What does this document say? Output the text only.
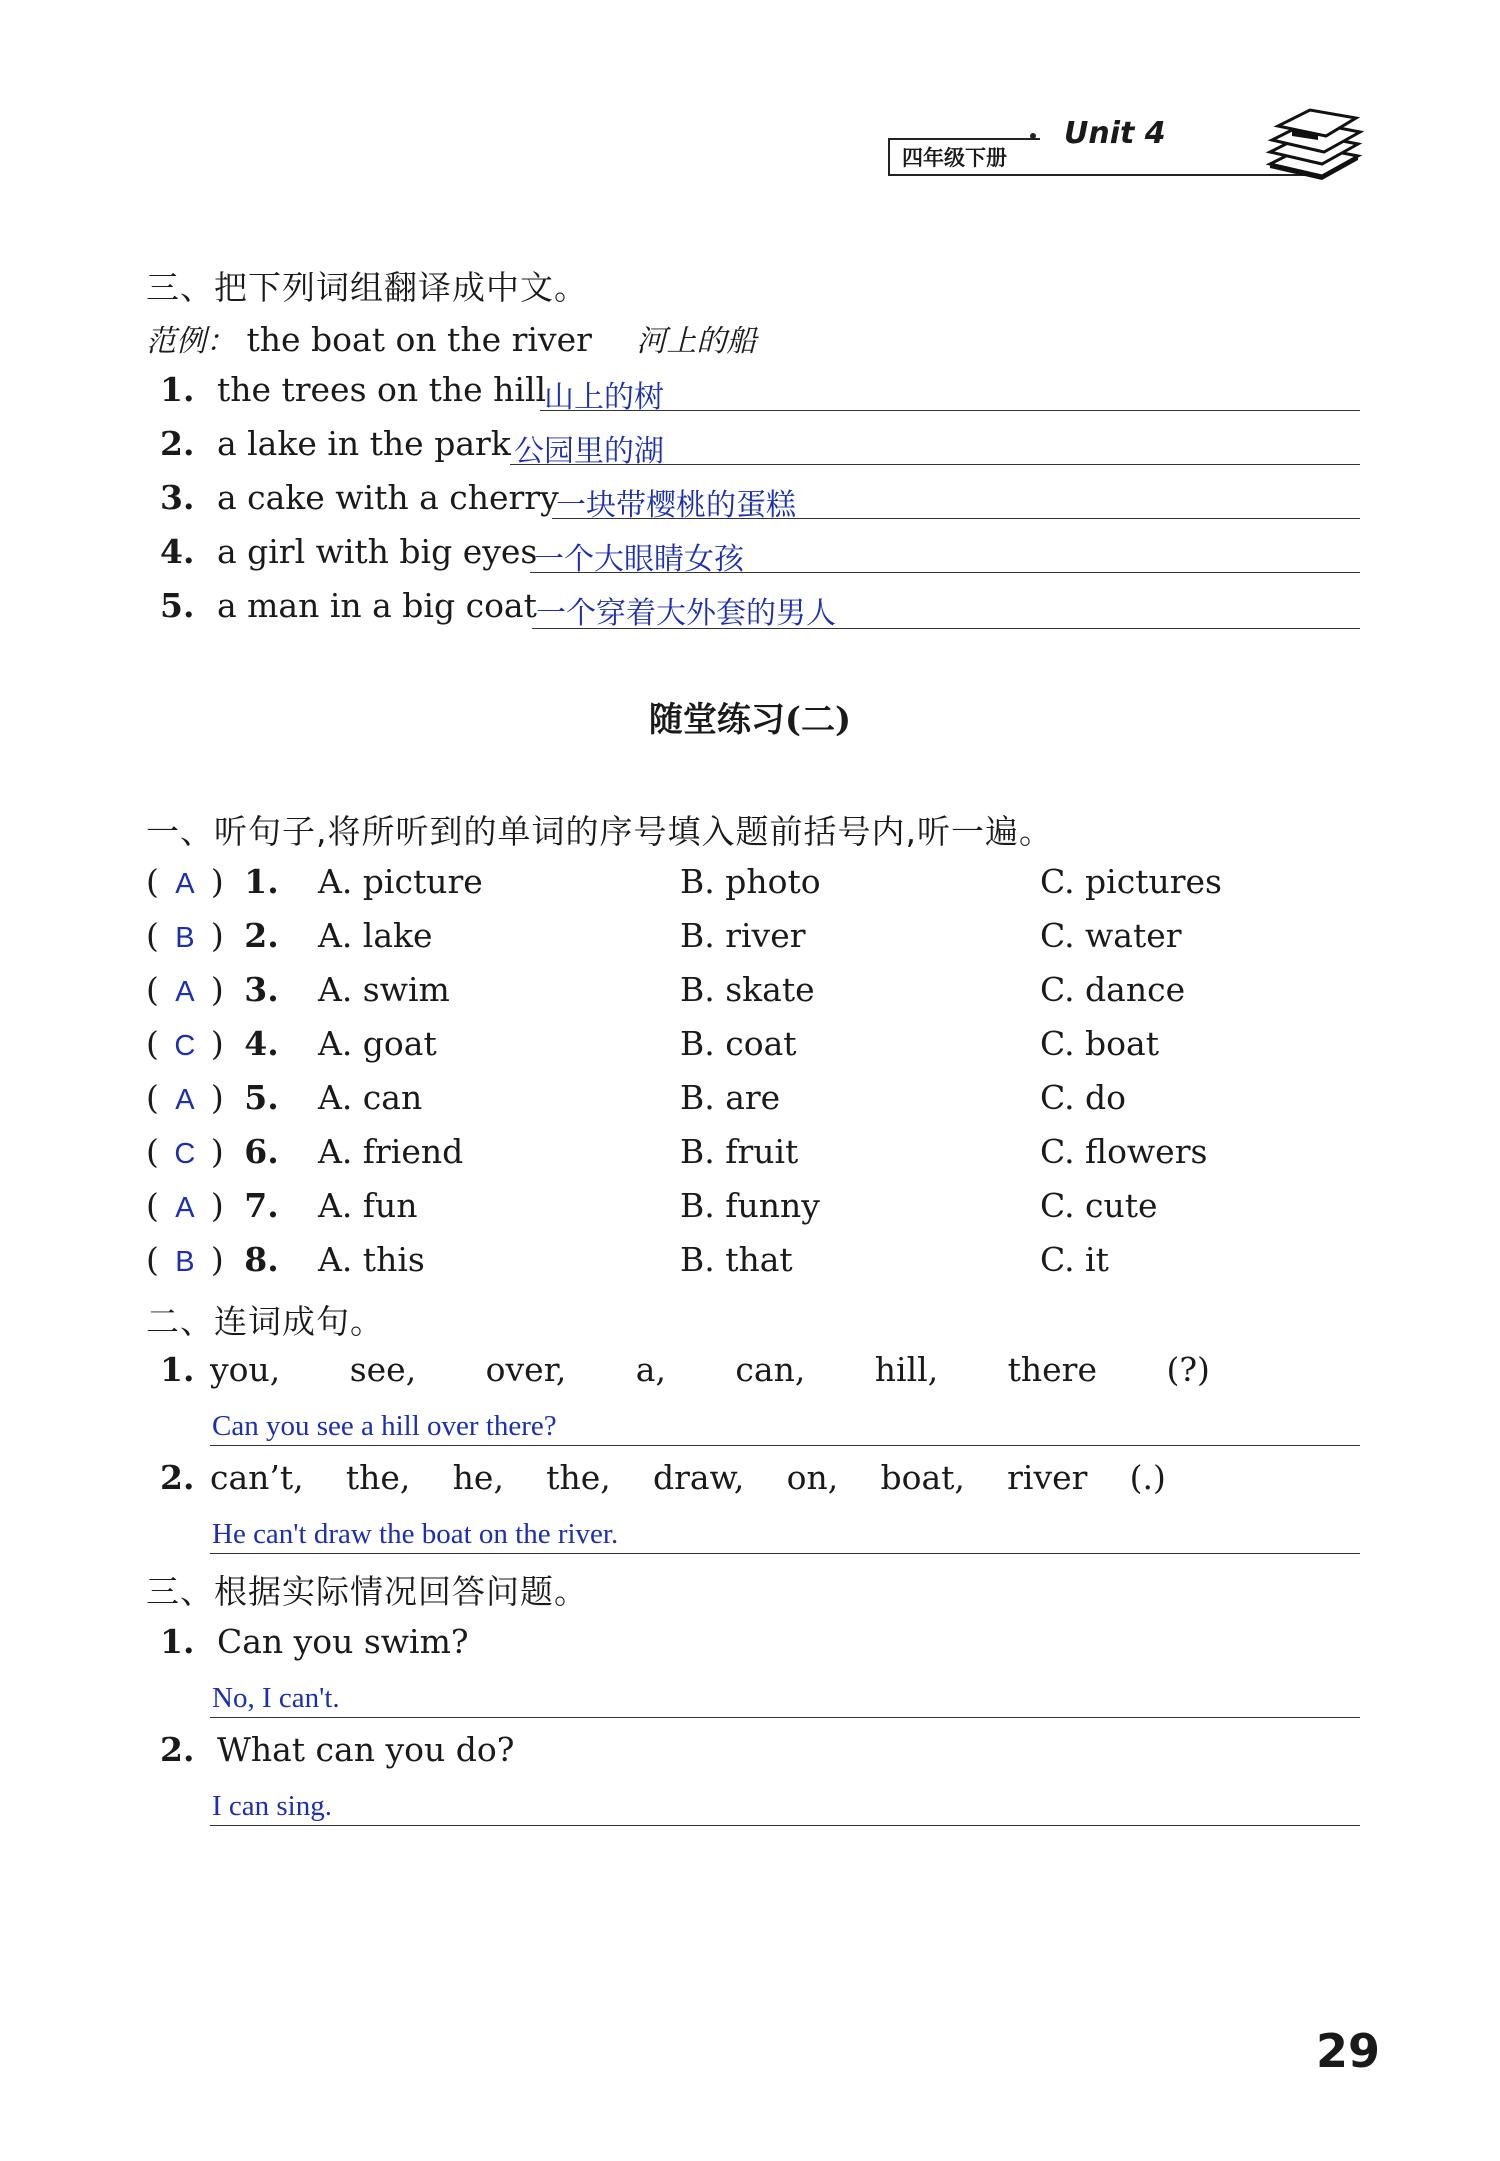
Unit 4
四年级下册
三、把下列词组翻译成中文。
范例： the boat on the river 河上的船
1. the trees on the hill
山上的树
2. a lake in the park 公园里的湖
3. a cake with a cherry
一块带樱桃的蛋糕
4. a girl with big eyes
一个大眼睛女孩
5. a man in a big coat 一个穿着大外套的男人
随堂练习(二)
一、听句子,将所听到的单词的序号填入题前括号内,听一遍。
( A ) 1. A. picture	B. photo	C. pictures
( B ) 2. A. lake	B. river	C. water
( A ) 3. A. swim	B. skate	C. dance
( C ) 4. A. goat	B. coat	C. boat
( A ) 5. A. can	B. are	C. do
( C ) 6. A. friend	B. fruit	C. flowers
( A ) 7. A. fun	B. funny	C. cute
( B ) 8. A. this	B. that	C. it
二、连词成句。
1. you, see, over, a, can, hill, there (?)
Can you see a hill over there?
2. can’t, the, he, the, draw, on, boat, river (.)
He can't draw the boat on the river.
三、根据实际情况回答问题。
1. Can you swim?
No, I can't.
2. What can you do?
I can sing.
29
